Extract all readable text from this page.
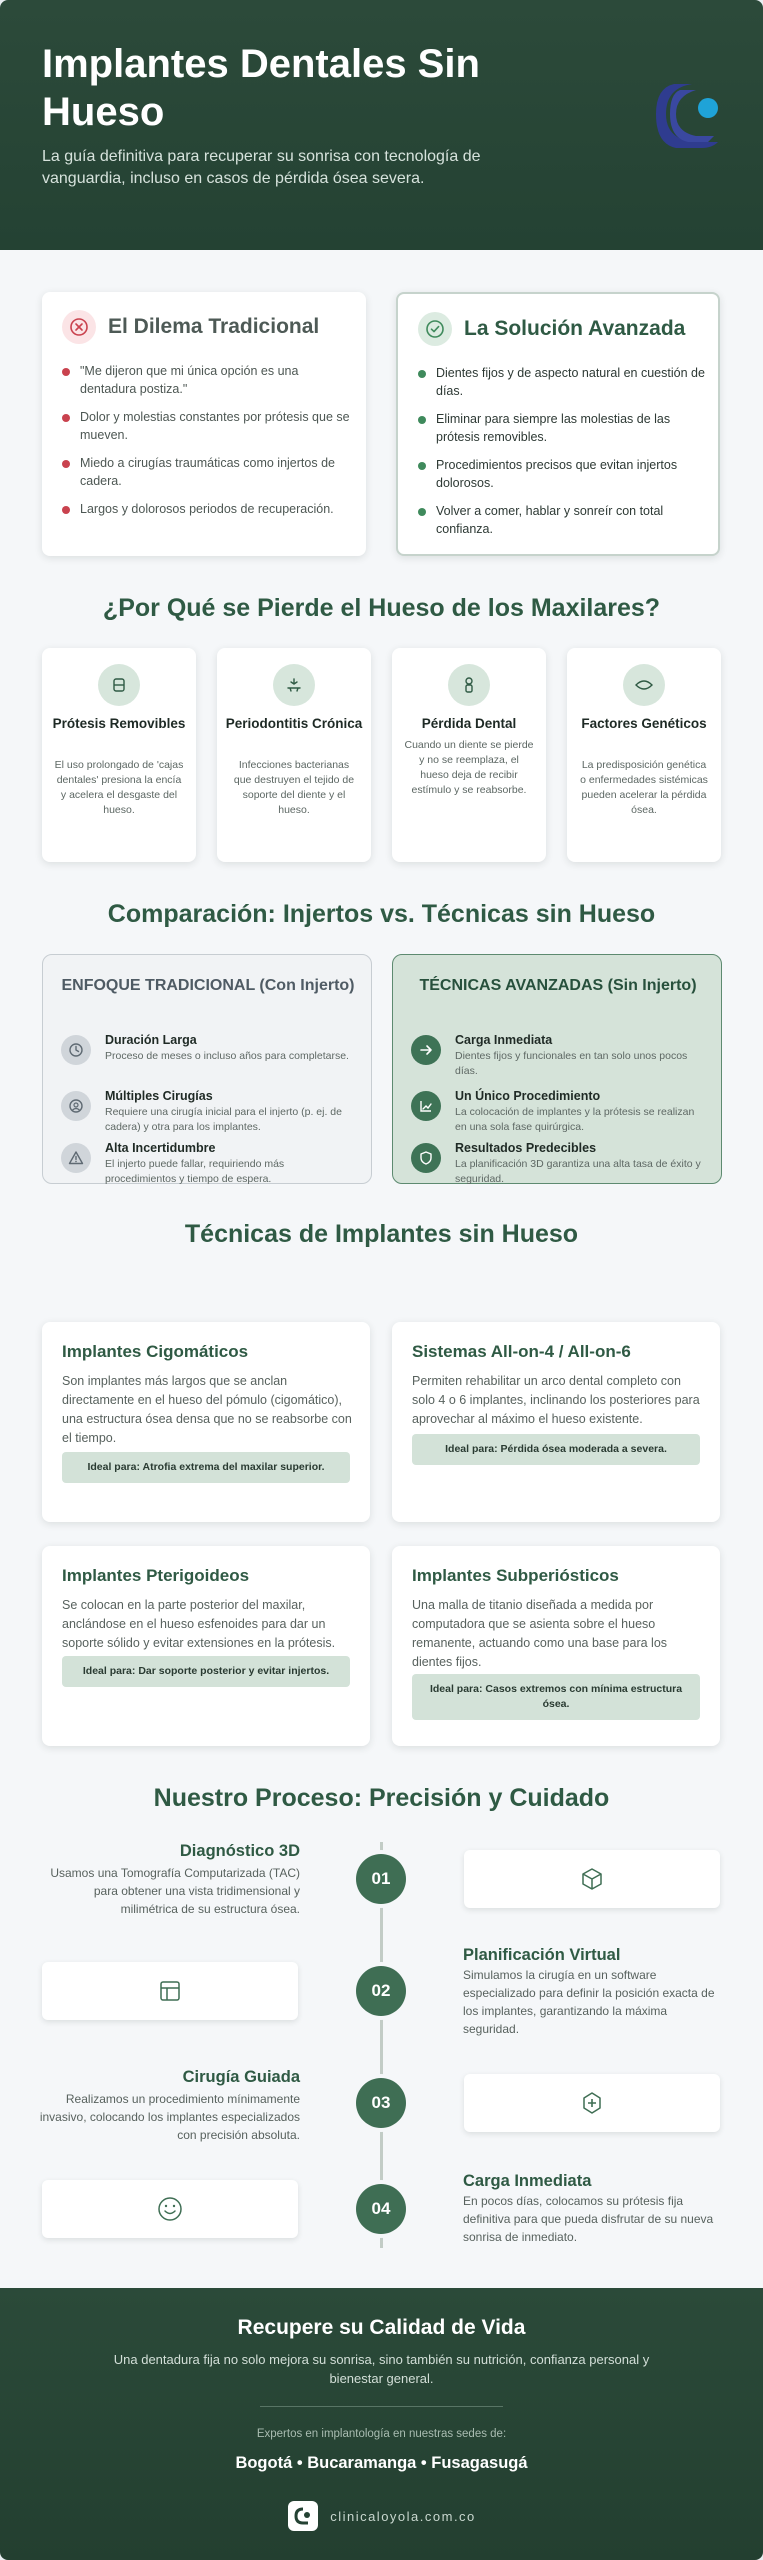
Implantes Dentales Sin Hueso
La guía definitiva para recuperar su sonrisa con tecnología de vanguardia, incluso en casos de pérdida ósea severa.
El Dilema Tradicional
"Me dijeron que mi única opción es una dentadura postiza."
Dolor y molestias constantes por prótesis que se mueven.
Miedo a cirugías traumáticas como injertos de cadera.
Largos y dolorosos periodos de recuperación.
La Solución Avanzada
Dientes fijos y de aspecto natural en cuestión de días.
Eliminar para siempre las molestias de las prótesis removibles.
Procedimientos precisos que evitan injertos dolorosos.
Volver a comer, hablar y sonreír con total confianza.
¿Por Qué se Pierde el Hueso de los Maxilares?
Prótesis Removibles
El uso prolongado de 'cajas dentales' presiona la encía y acelera el desgaste del hueso.
Periodontitis Crónica
Infecciones bacterianas que destruyen el tejido de soporte del diente y el hueso.
Pérdida Dental
Cuando un diente se pierde y no se reemplaza, el hueso deja de recibir estímulo y se reabsorbe.
Factores Genéticos
La predisposición genética o enfermedades sistémicas pueden acelerar la pérdida ósea.
Comparación: Injertos vs. Técnicas sin Hueso
ENFOQUE TRADICIONAL (Con Injerto)
Duración Larga
Proceso de meses o incluso años para completarse.
Múltiples Cirugías
Requiere una cirugía inicial para el injerto (p. ej. de cadera) y otra para los implantes.
Alta Incertidumbre
El injerto puede fallar, requiriendo más procedimientos y tiempo de espera.
TÉCNICAS AVANZADAS (Sin Injerto)
Carga Inmediata
Dientes fijos y funcionales en tan solo unos pocos días.
Un Único Procedimiento
La colocación de implantes y la prótesis se realizan en una sola fase quirúrgica.
Resultados Predecibles
La planificación 3D garantiza una alta tasa de éxito y seguridad.
Técnicas de Implantes sin Hueso
Implantes Cigomáticos
Son implantes más largos que se anclan directamente en el hueso del pómulo (cigomático), una estructura ósea densa que no se reabsorbe con el tiempo.
Ideal para: Atrofia extrema del maxilar superior.
Sistemas All-on-4 / All-on-6
Permiten rehabilitar un arco dental completo con solo 4 o 6 implantes, inclinando los posteriores para aprovechar al máximo el hueso existente.
Ideal para: Pérdida ósea moderada a severa.
Implantes Pterigoideos
Se colocan en la parte posterior del maxilar, anclándose en el hueso esfenoides para dar un soporte sólido y evitar extensiones en la prótesis.
Ideal para: Dar soporte posterior y evitar injertos.
Implantes Subperiósticos
Una malla de titanio diseñada a medida por computadora que se asienta sobre el hueso remanente, actuando como una base para los dientes fijos.
Ideal para: Casos extremos con mínima estructura ósea.
Nuestro Proceso: Precisión y Cuidado
Diagnóstico 3D
Usamos una Tomografía Computarizada (TAC) para obtener una vista tridimensional y milimétrica de su estructura ósea.
01
02
Planificación Virtual
Simulamos la cirugía en un software especializado para definir la posición exacta de los implantes, garantizando la máxima seguridad.
Cirugía Guiada
Realizamos un procedimiento mínimamente invasivo, colocando los implantes especializados con precisión absoluta.
03
04
Carga Inmediata
En pocos días, colocamos su prótesis fija definitiva para que pueda disfrutar de su nueva sonrisa de inmediato.
Recupere su Calidad de Vida
Una dentadura fija no solo mejora su sonrisa, sino también su nutrición, confianza personal y bienestar general.
Expertos en implantología en nuestras sedes de:
Bogotá • Bucaramanga • Fusagasugá
clinicaloyola.com.co
